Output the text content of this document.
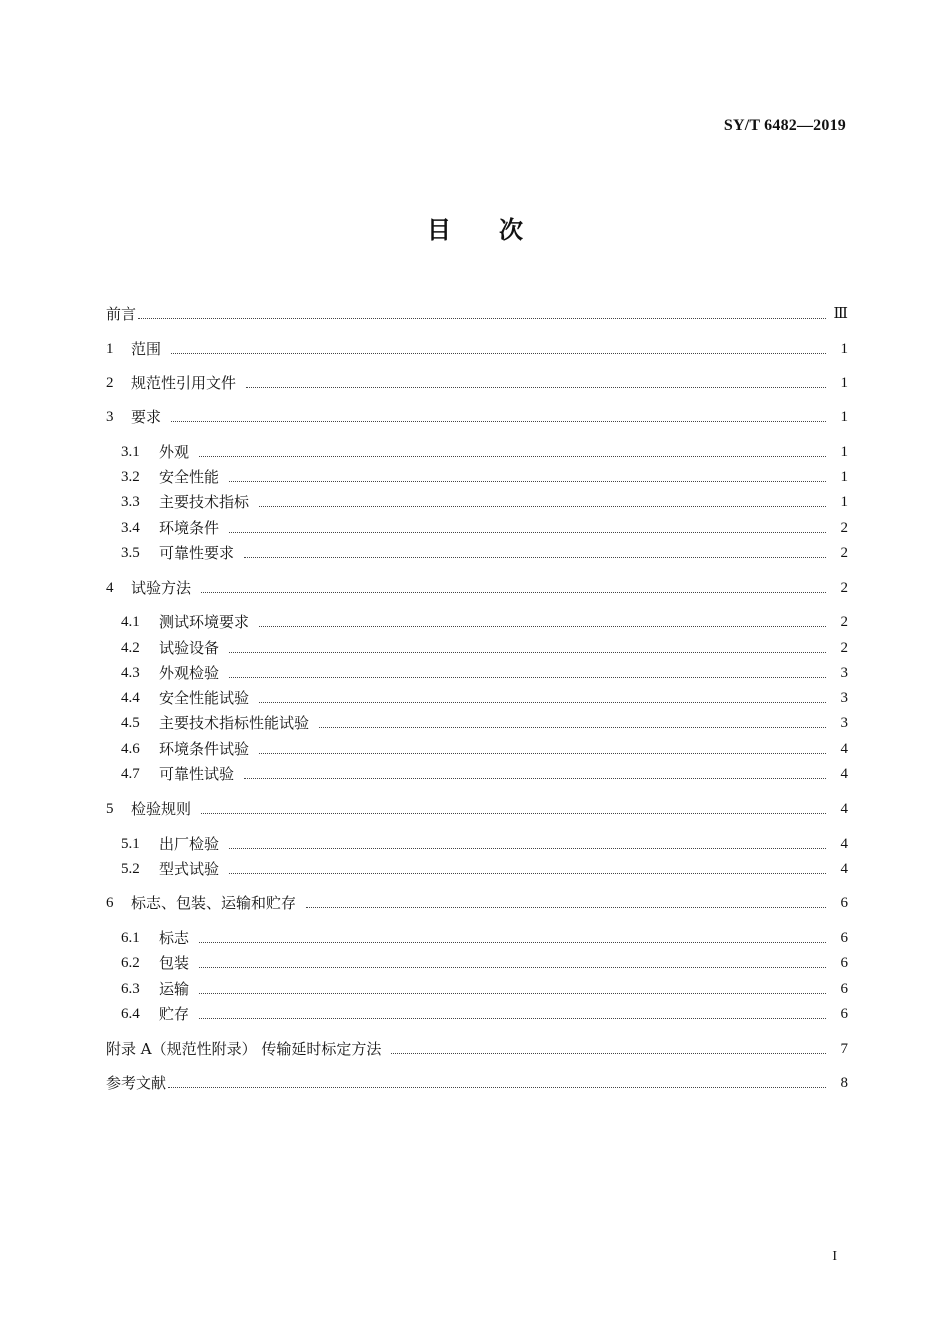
SY/T 6482—2019
目次
前言	Ⅲ
1 范围	1
2 规范性引用文件	1
3 要求	1
3.1 外观	1
3.2 安全性能	1
3.3 主要技术指标	1
3.4 环境条件	2
3.5 可靠性要求	2
4 试验方法	2
4.1 测试环境要求	2
4.2 试验设备	2
4.3 外观检验	3
4.4 安全性能试验	3
4.5 主要技术指标性能试验	3
4.6 环境条件试验	4
4.7 可靠性试验	4
5 检验规则	4
5.1 出厂检验	4
5.2 型式试验	4
6 标志、包装、运输和贮存	6
6.1 标志	6
6.2 包装	6
6.3 运输	6
6.4 贮存	6
附录 A（规范性附录） 传输延时标定方法	7
参考文献	8
I
